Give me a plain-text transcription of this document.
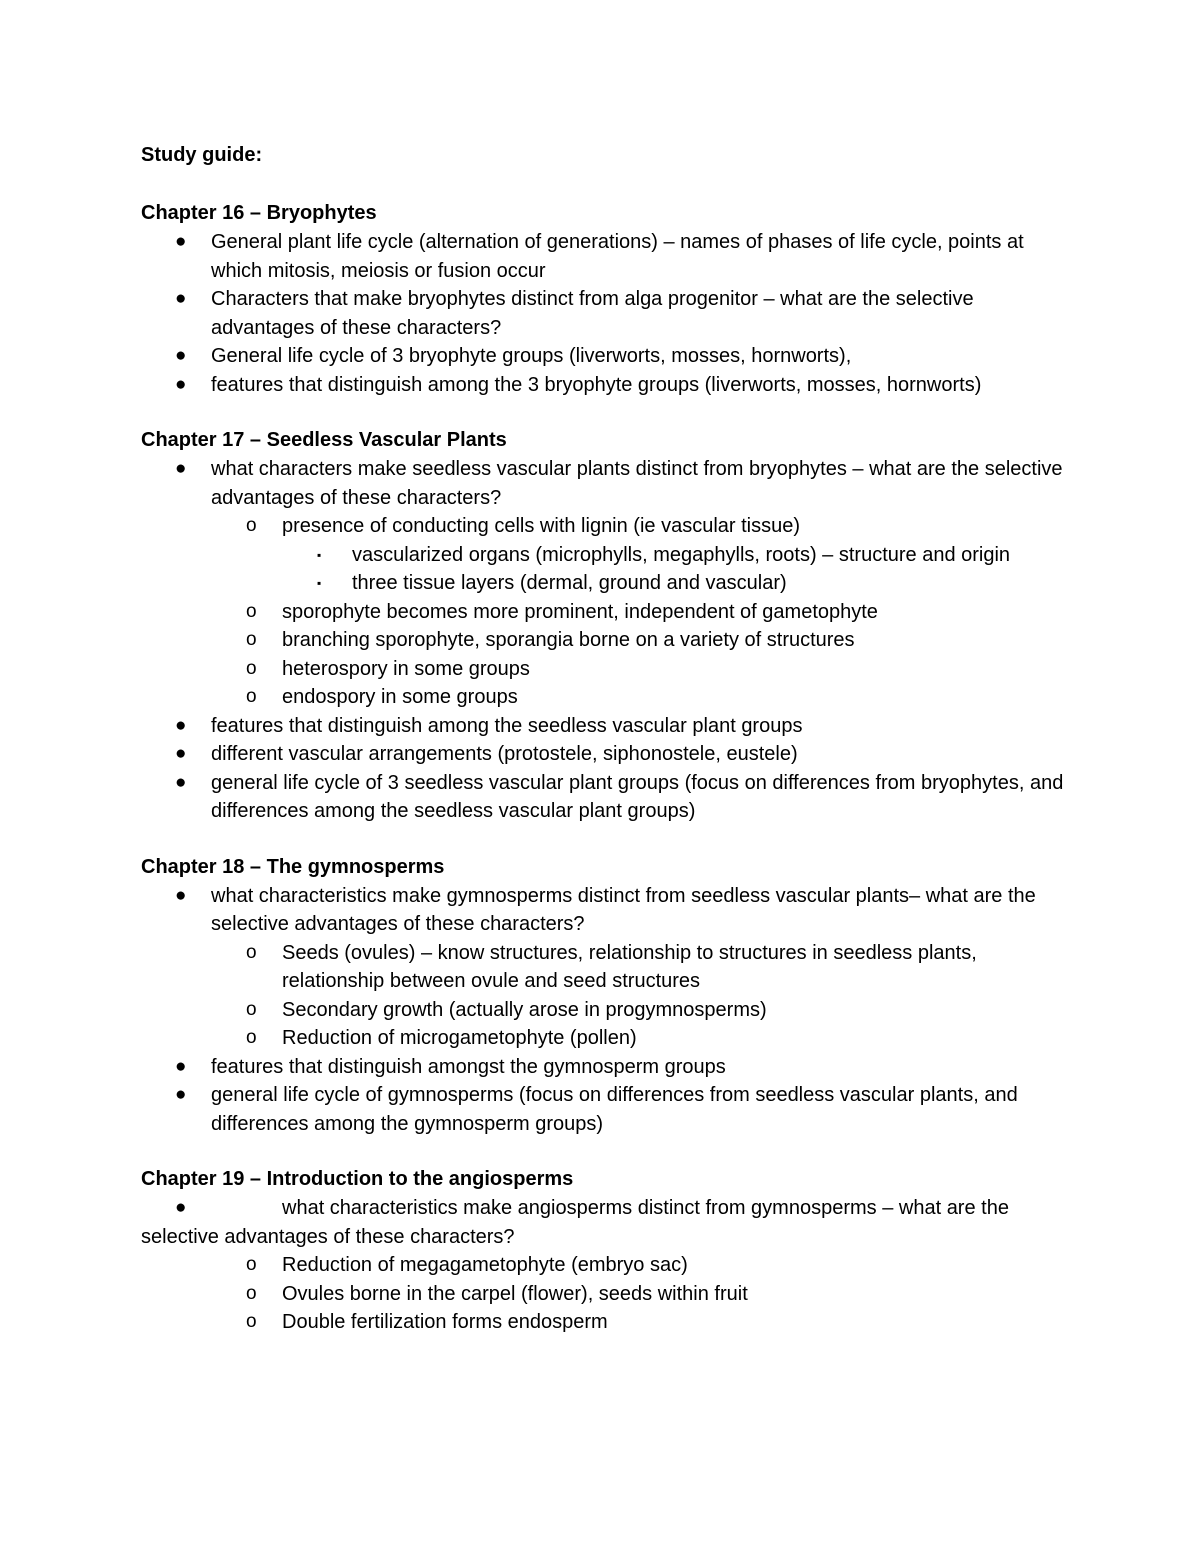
Study guide:
Chapter 16 – Bryophytes
● General plant life cycle (alternation of generations) – names of phases of life cycle, points at which mitosis, meiosis or fusion occur
● Characters that make bryophytes distinct from alga progenitor – what are the selective advantages of these characters?
● General life cycle of 3 bryophyte groups (liverworts, mosses, hornworts),
● features that distinguish among the 3 bryophyte groups (liverworts, mosses, hornworts)
Chapter 17 – Seedless Vascular Plants
● what characters make seedless vascular plants distinct from bryophytes – what are the selective advantages of these characters?
o presence of conducting cells with lignin (ie vascular tissue)
▪ vascularized organs (microphylls, megaphylls, roots) – structure and origin
▪ three tissue layers (dermal, ground and vascular)
o sporophyte becomes more prominent, independent of gametophyte
o branching sporophyte, sporangia borne on a variety of structures
o heterospory in some groups
o endospory in some groups
● features that distinguish among the seedless vascular plant groups
● different vascular arrangements (protostele, siphonostele, eustele)
● general life cycle of 3 seedless vascular plant groups (focus on differences from bryophytes, and differences among the seedless vascular plant groups)
Chapter 18 – The gymnosperms
● what characteristics make gymnosperms distinct from seedless vascular plants– what are the selective advantages of these characters?
o Seeds (ovules) – know structures, relationship to structures in seedless plants, relationship between ovule and seed structures
o Secondary growth (actually arose in progymnosperms)
o Reduction of microgametophyte (pollen)
● features that distinguish amongst the gymnosperm groups
● general life cycle of gymnosperms (focus on differences from seedless vascular plants, and differences among the gymnosperm groups)
Chapter 19 – Introduction to the angiosperms
●	what characteristics make angiosperms distinct from gymnosperms – what are the selective advantages of these characters?
o Reduction of megagametophyte (embryo sac)
o Ovules borne in the carpel (flower), seeds within fruit
o Double fertilization forms endosperm
